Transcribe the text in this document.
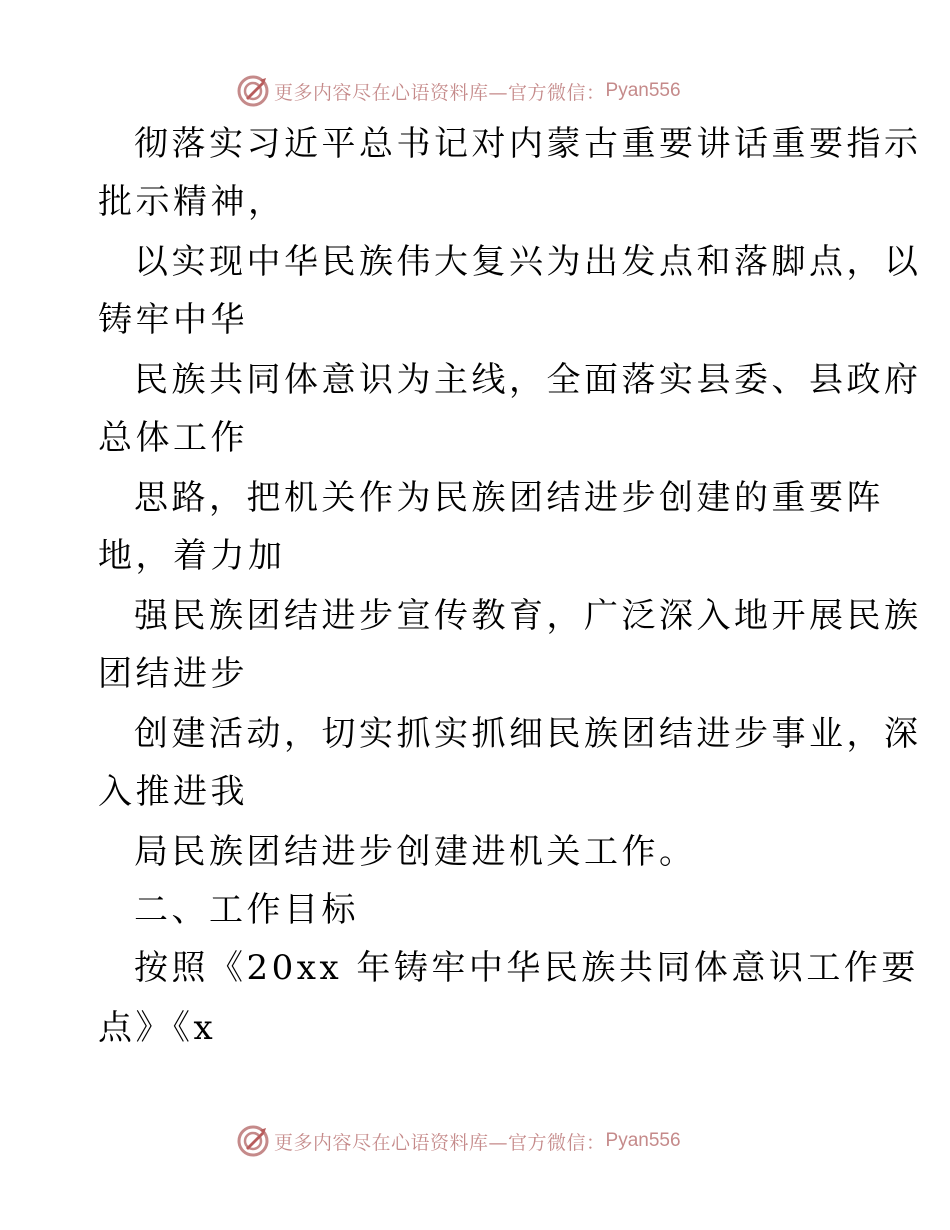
更多内容尽在心语资料库—官方微信： Pyan556
彻落实习近平总书记对内蒙古重要讲话重要指示
批示精神，
以实现中华民族伟大复兴为出发点和落脚点，以
铸牢中华
民族共同体意识为主线，全面落实县委、县政府
总体工作
思路，把机关作为民族团结进步创建的重要阵
地，着力加
强民族团结进步宣传教育，广泛深入地开展民族
团结进步
创建活动，切实抓实抓细民族团结进步事业，深
入推进我
局民族团结进步创建进机关工作。
二、工作目标
按照《20xx 年铸牢中华民族共同体意识工作要
点》《x
更多内容尽在心语资料库—官方微信： Pyan556
